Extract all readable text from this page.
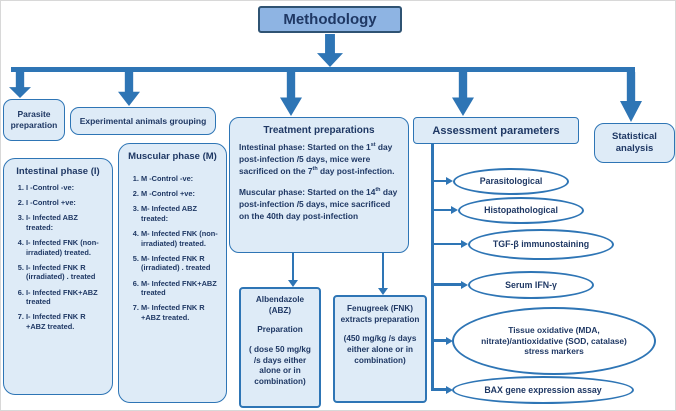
Methodology
Parasite preparation	Experimental animals grouping
Assessment parameters
Statistical analysis
Intestinal phase (I)
1. I -Control -ve:
2. I -Control +ve:
3. I- Infected ABZ treated:
4. I- Infected FNK (non-irradiated) treated.
5. I- Infected FNK R (irradiated) . treated
6. I- Infected FNK+ABZ treated
7. I- Infected FNK R +ABZ treated.
Muscular phase (M)
1. M -Control -ve:
2. M -Control +ve:
3. M- Infected ABZ treated:
4. M- Infected FNK (non-irradiated) treated.
5. M- Infected FNK R (irradiated) . treated
6. M- Infected FNK+ABZ treated
7. M- Infected FNK R +ABZ treated.
Treatment preparations
Intestinal phase: Started on the 1st day post-infection /5 days, mice were sacrificed on the 7th day post-infection.
Muscular phase: Started on the 14th day post-infection /5 days, mice sacrificed on the 40th day post-infection
Albendazole (ABZ)
Preparation
( dose 50 mg/kg /s days either alone or in combination)
Fenugreek (FNK) extracts preparation
(450 mg/kg /s days either alone or in combination)
Parasitological
Histopathological
TGF-β immunostaining
Serum IFN-γ
Tissue oxidative (MDA, nitrate)/antioxidative (SOD, catalase) stress markers
BAX gene expression assay
